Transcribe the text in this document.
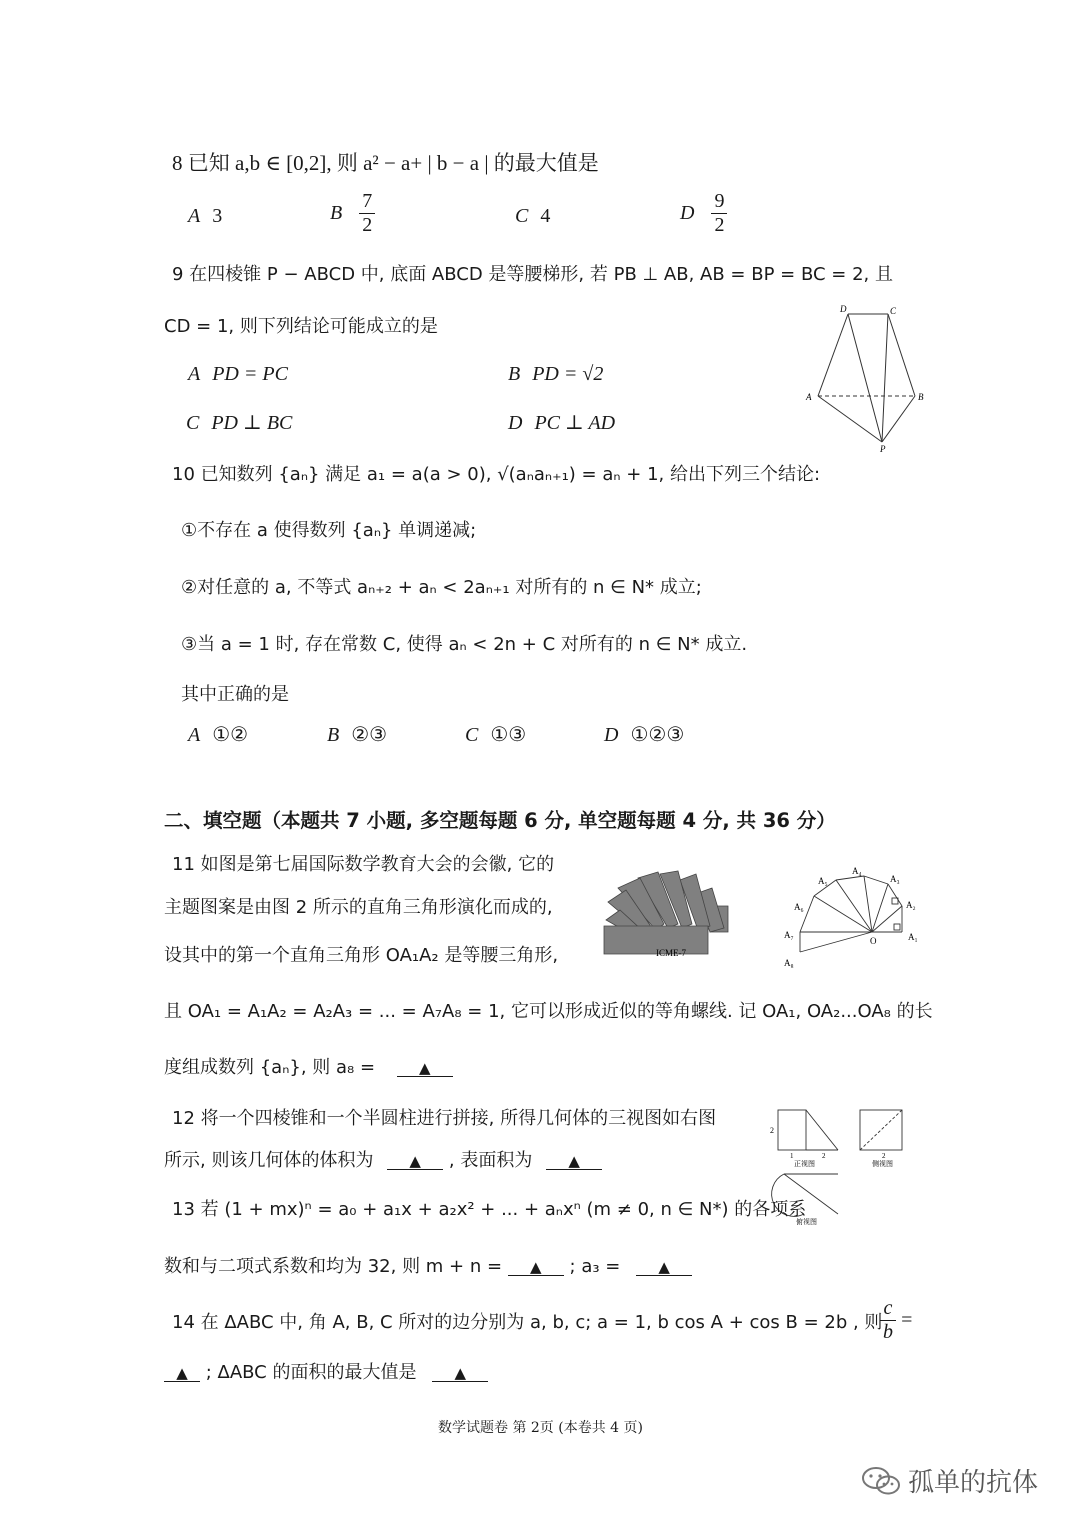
8 已知 a,b ∈ [0,2], 则 a² − a+ | b − a | 的最大值是
A 3	B $\frac{7}{2}$	C 4	D $\frac{9}{2}$
9 在四棱锥 P − ABCD 中, 底面 ABCD 是等腰梯形, 若 PB ⊥ AB, AB = BP = BC = 2, 且
CD = 1, 则下列结论可能成立的是
A PD = PC	B PD = √2
C PD ⊥ BC	D PC ⊥ AD
D	C
A	B
P
10 已知数列 {aₙ} 满足 a₁ = a(a > 0), √(aₙaₙ₊₁) = aₙ + 1, 给出下列三个结论:
①不存在 a 使得数列 {aₙ} 单调递减;
②对任意的 a, 不等式 aₙ₊₂ + aₙ < 2aₙ₊₁ 对所有的 n ∈ N* 成立;
③当 a = 1 时, 存在常数 C, 使得 aₙ < 2n + C 对所有的 n ∈ N* 成立.
其中正确的是
A ①②	B ②③	C ①③	D ①②③
二、填空题（本题共 7 小题, 多空题每题 6 分, 单空题每题 4 分, 共 36 分）
11 如图是第七届国际数学教育大会的会徽, 它的
主题图案是由图 2 所示的直角三角形演化而成的,
设其中的第一个直角三角形 OA₁A₂ 是等腰三角形,
且 OA₁ = A₁A₂ = A₂A₃ = ... = A₇A₈ = 1, 它可以形成近似的等角螺线. 记 OA₁, OA₂...OA₈ 的长
度组成数列 {aₙ}, 则 a₈ =	▲
ICME-7
A₁
A₂
A₃
A₄
A₅
A₆
A₇
A₈
O
12 将一个四棱锥和一个半圆柱进行拼接, 所得几何体的三视图如右图
所示, 则该几何体的体积为 ▲ , 表面积为 ▲
2
1	2	2
正视图	侧视图
俯视图
13 若 (1 + mx)ⁿ = a₀ + a₁x + a₂x² + ... + aₙxⁿ (m ≠ 0, n ∈ N*) 的各项系
数和与二项式系数和均为 32, 则 m + n = ▲ ; a₃ =	▲
14 在 ΔABC 中, 角 A, B, C 所对的边分别为 a, b, c; a = 1, b cos A + cos B = 2b , 则
$\frac{c}{b}$ =
▲ ; ΔABC 的面积的最大值是	▲
数学试题卷 第 2页 (本卷共 4 页)
孤单的抗体
